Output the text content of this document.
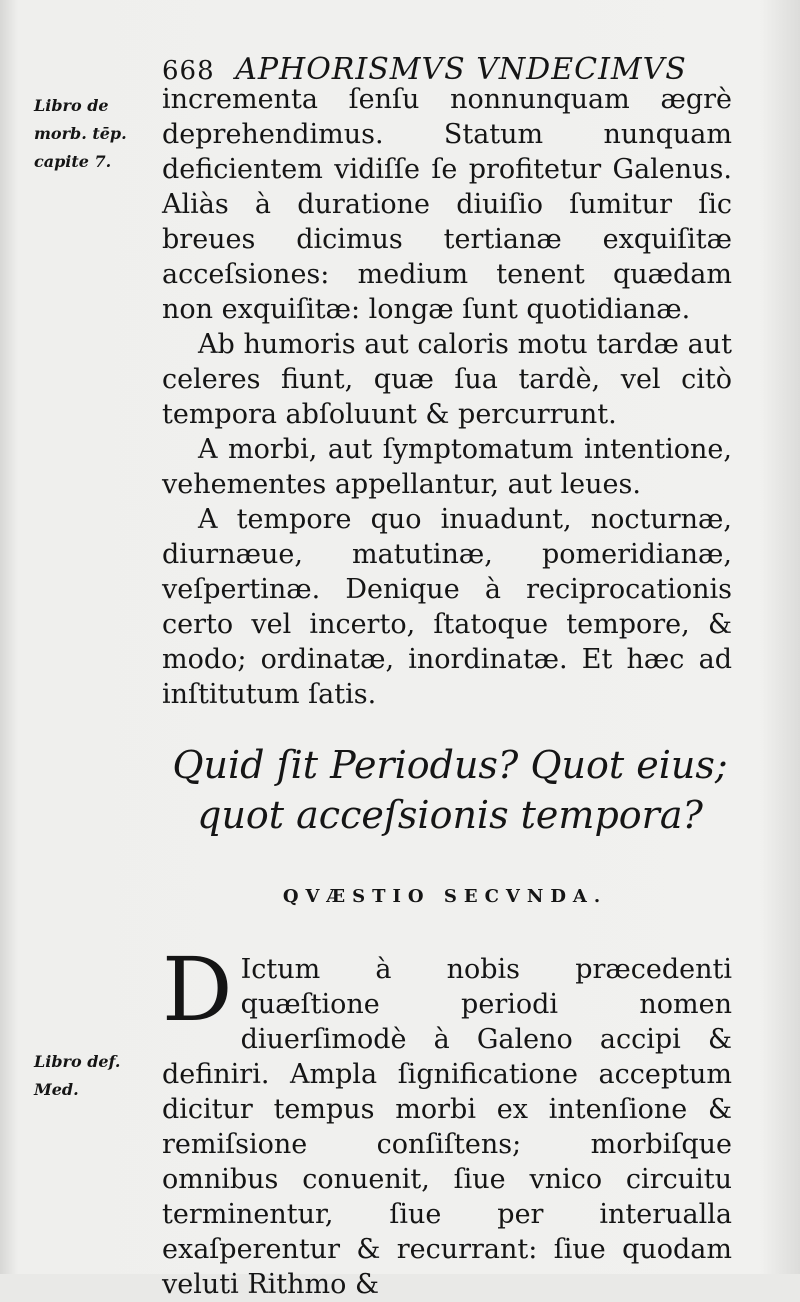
668 APHORISMVS VNDECIMVS
Libro de
morb. tēp.
capite 7.

incrementa ſenſu nonnunquam ægrè deprehendimus. Statum nunquam deficientem vidiſſe ſe profitetur Galenus. Aliàs à duratione diuiſio ſumitur ſic breues dicimus tertianæ exquiſitæ acceſsiones: medium tenent quædam non exquiſitæ: longæ ſunt quotidianæ.

Ab humoris aut caloris motu tardæ aut celeres fiunt, quæ ſua tardè, vel citò tempora abſoluunt & percurrunt.

A morbi, aut ſymptomatum intentione, vehementes appellantur, aut leues.

A tempore quo inuadunt, nocturnæ, diurnæue, matutinæ, pomeridianæ, veſpertinæ. Denique à reciprocationis certo vel incerto, ſtatoque tempore, & modo; ordinatæ, inordinatæ. Et hæc ad inſtitutum ſatis.

Quid ſit Periodus? Quot eius;
quot acceſsionis tempora?
QVÆSTIO SECVNDA.
Libro def.
Med.
D Ictum à nobis præcedenti quæſtione periodi nomen diuerſimodè à Galeno accipi & definiri. Ampla ſignificatione acceptum dicitur tempus morbi ex intenſione & remiſsione conſiſtens; morbiſque omnibus conuenit, ſiue vnico circuitu terminentur, ſiue per interualla exaſperentur & recurrant: ſiue quodam veluti Rithmo &
